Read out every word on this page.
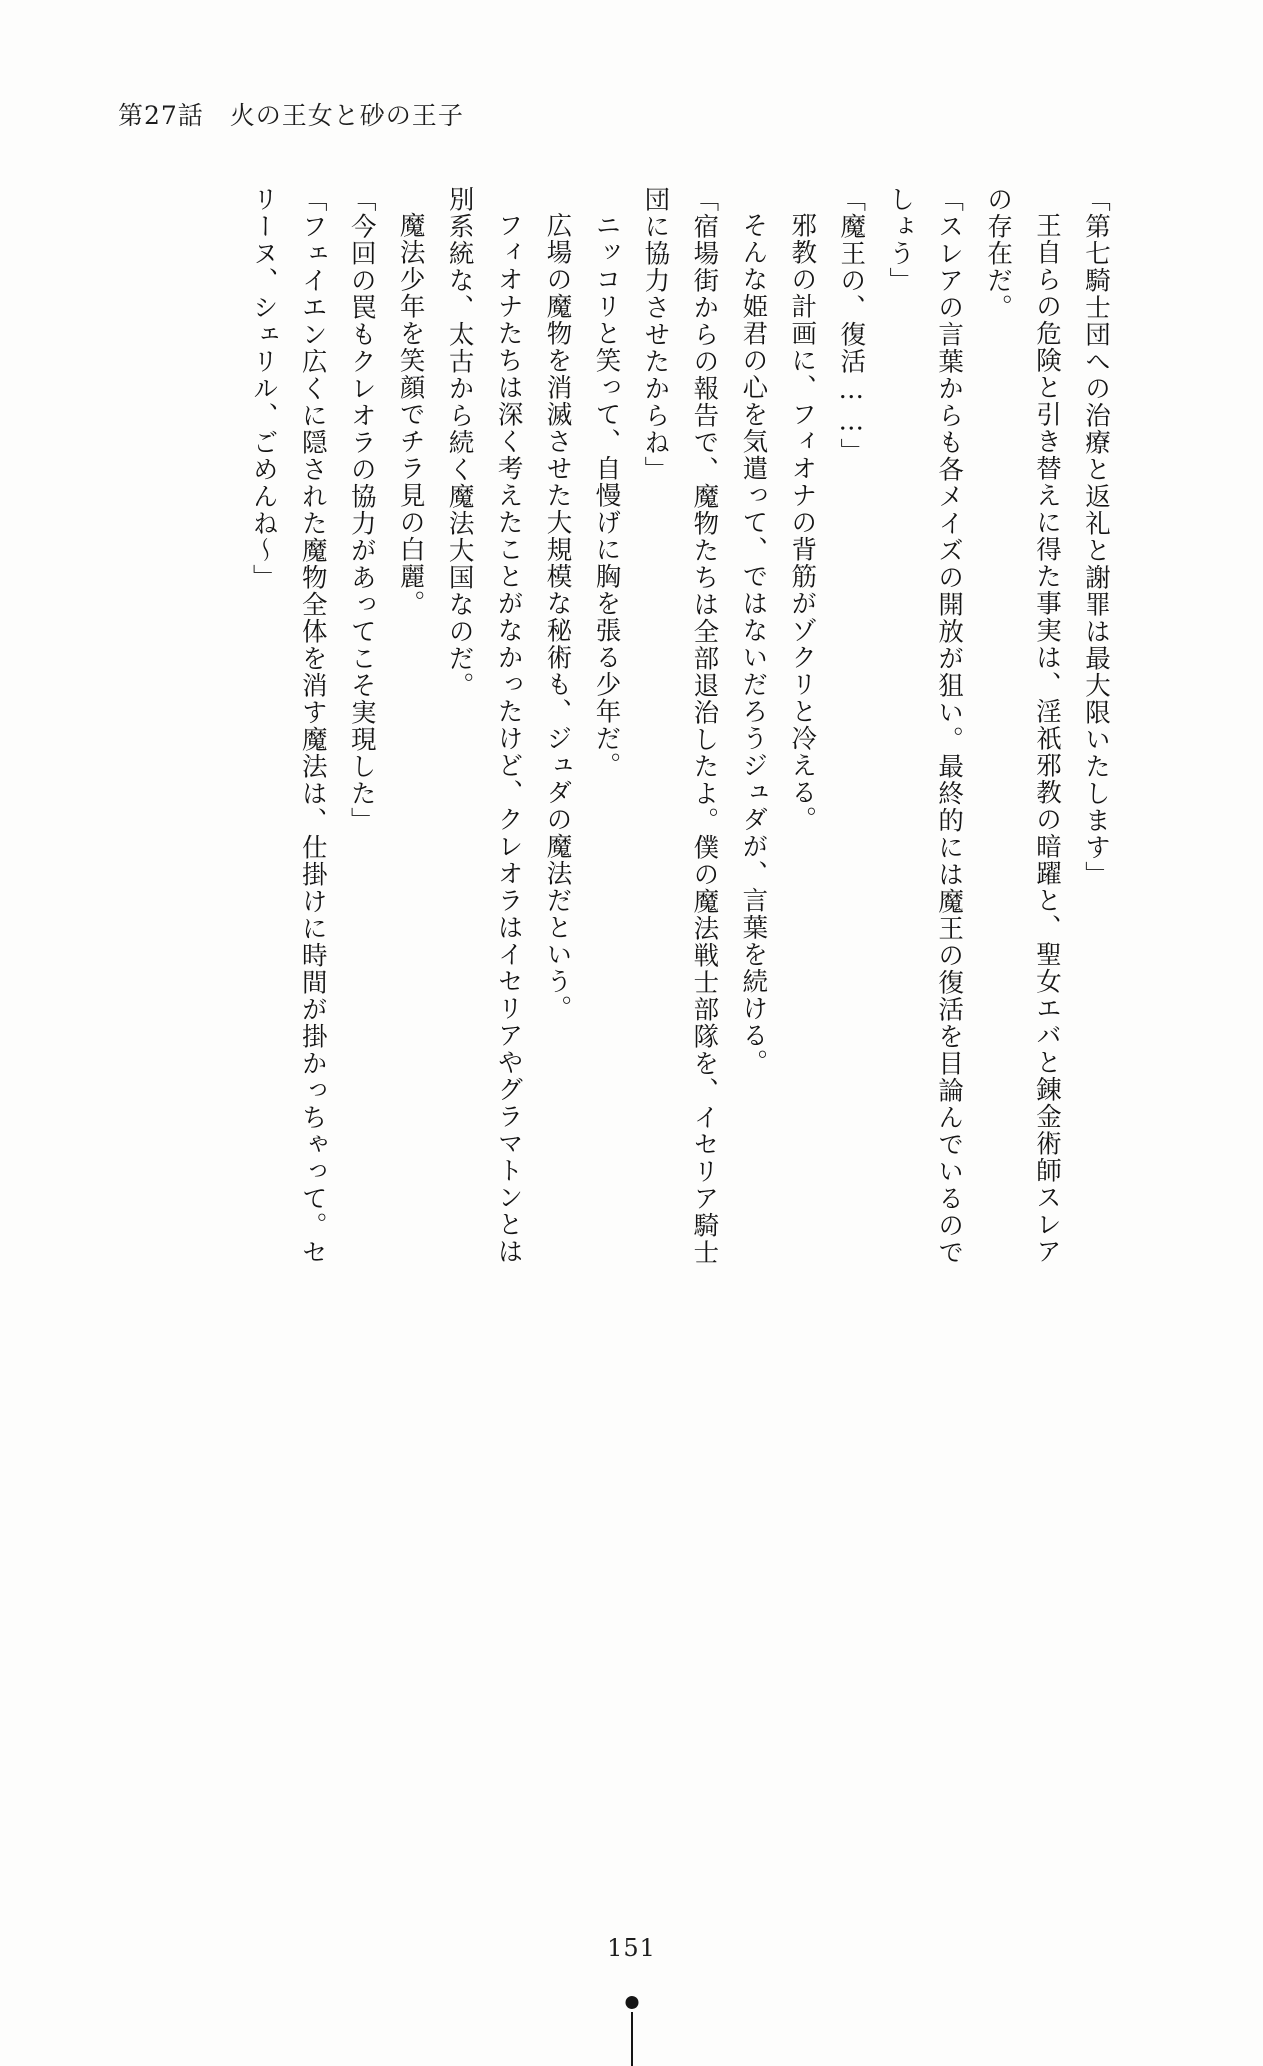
第27話　火の王女と砂の王子

「第七騎士団への治療と返礼と謝罪は最大限いたします」

王自らの危険と引き替えに得た事実は、淫祇邪教の暗躍と、聖女エバと錬金術師スレアの存在だ。

「スレアの言葉からも各メイズの開放が狙い。最終的には魔王の復活を目論んでいるのでしょう」

「魔王の、復活……」

邪教の計画に、フィオナの背筋がゾクリと冷える。

そんな姫君の心を気遣って、ではないだろうジュダが、言葉を続ける。

「宿場街からの報告で、魔物たちは全部退治したよ。僕の魔法戦士部隊を、イセリア騎士団に協力させたからね」

ニッコリと笑って、自慢げに胸を張る少年だ。

広場の魔物を消滅させた大規模な秘術も、ジュダの魔法だという。

フィオナたちは深く考えたことがなかったけど、クレオラはイセリアやグラマトンとは別系統な、太古から続く魔法大国なのだ。

魔法少年を笑顔でチラ見の白麗。

「今回の罠もクレオラの協力があってこそ実現した」

「フェイエン広くに隠された魔物全体を消す魔法は、仕掛けに時間が掛かっちゃって。セリーヌ、シェリル、ごめんね～」

151
